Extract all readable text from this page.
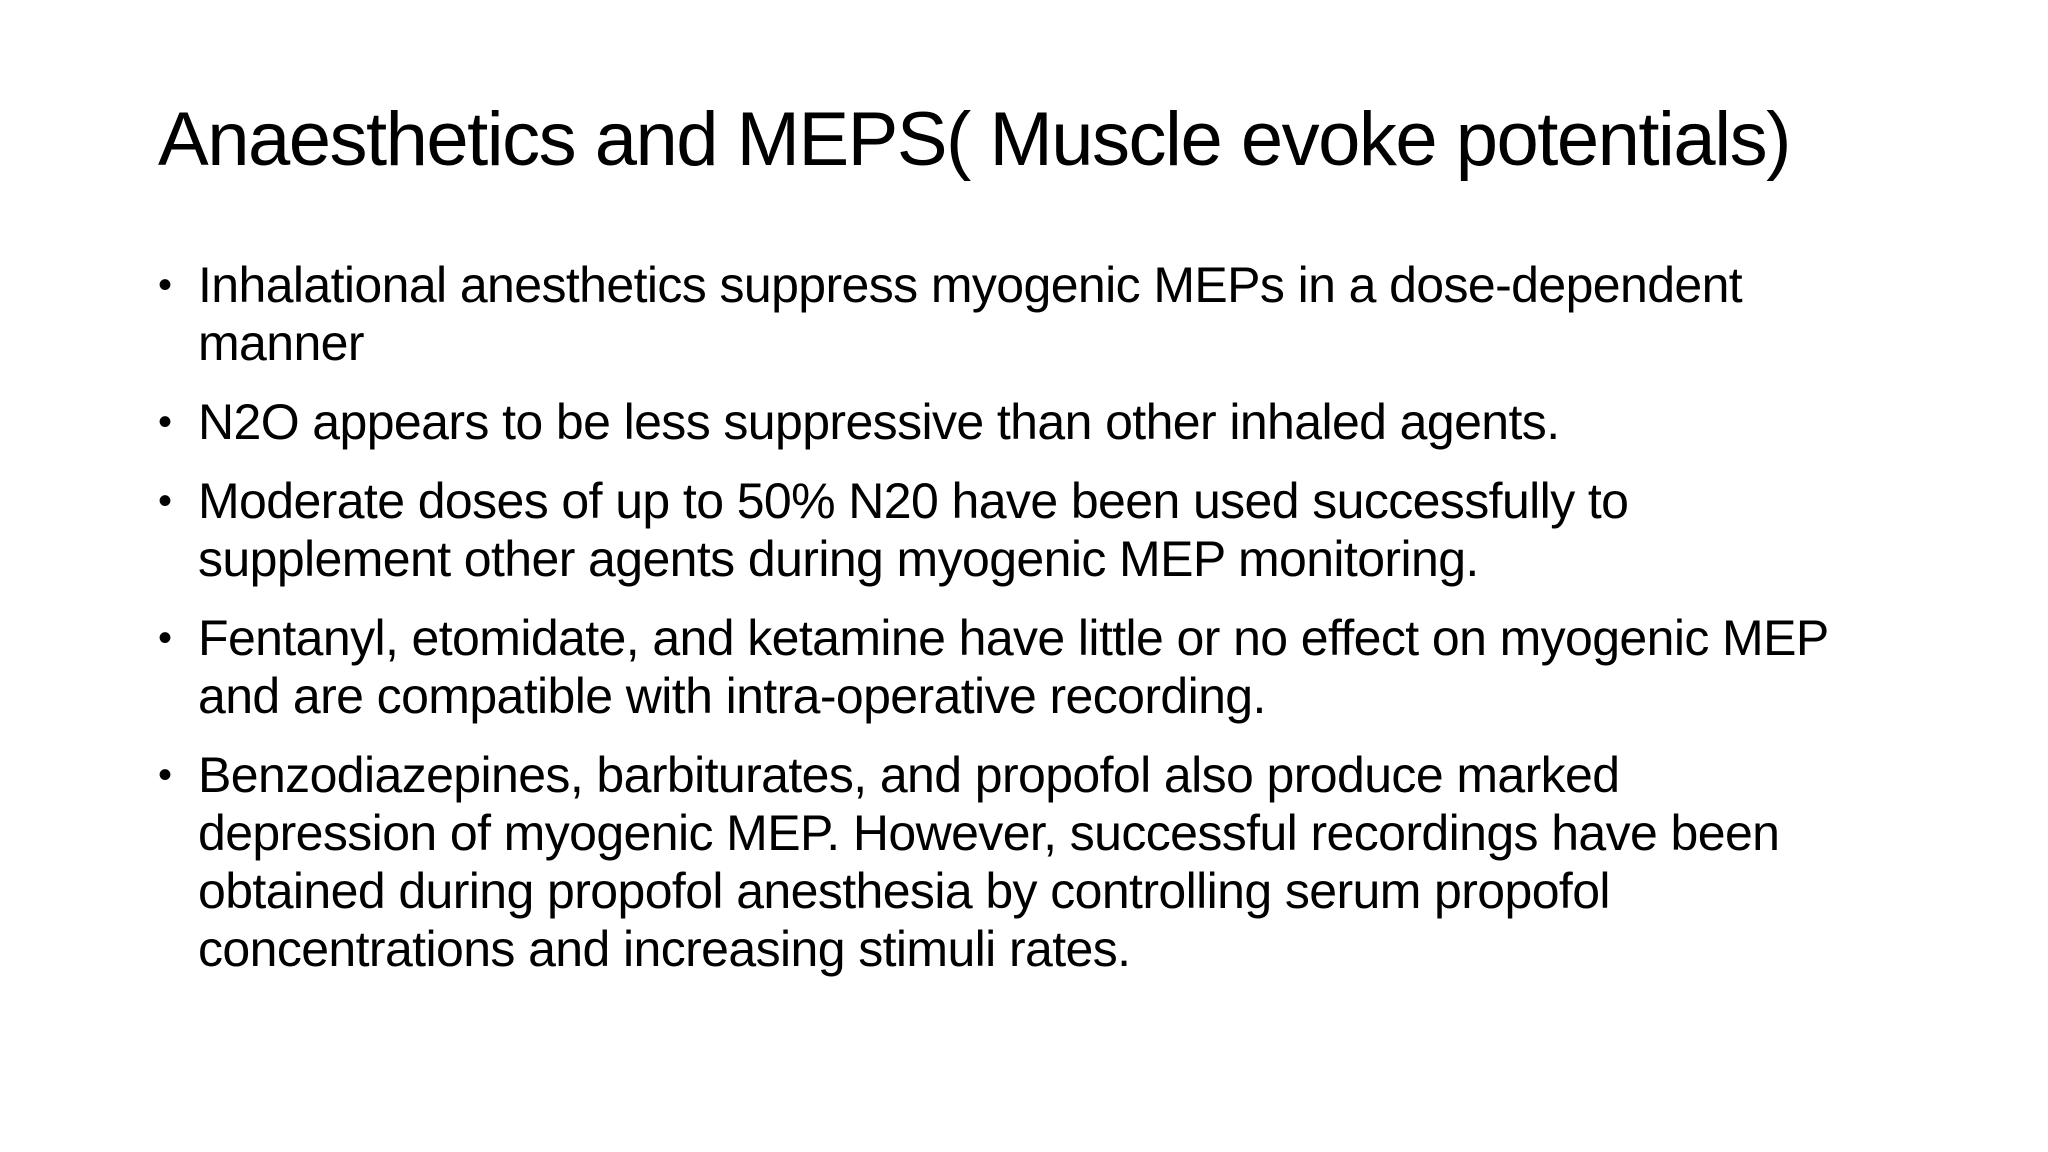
Anaesthetics and MEPS( Muscle evoke potentials)
• Inhalational anesthetics suppress myogenic MEPs in a dose-dependent manner
• N2O appears to be less suppressive than other inhaled agents.
• Moderate doses of up to 50% N20 have been used successfully to supplement other agents during myogenic MEP monitoring.
• Fentanyl, etomidate, and ketamine have little or no effect on myogenic MEP and are compatible with intra-operative recording.
• Benzodiazepines, barbiturates, and propofol also produce marked depression of myogenic MEP. However, successful recordings have been obtained during propofol anesthesia by controlling serum propofol concentrations and increasing stimuli rates.
